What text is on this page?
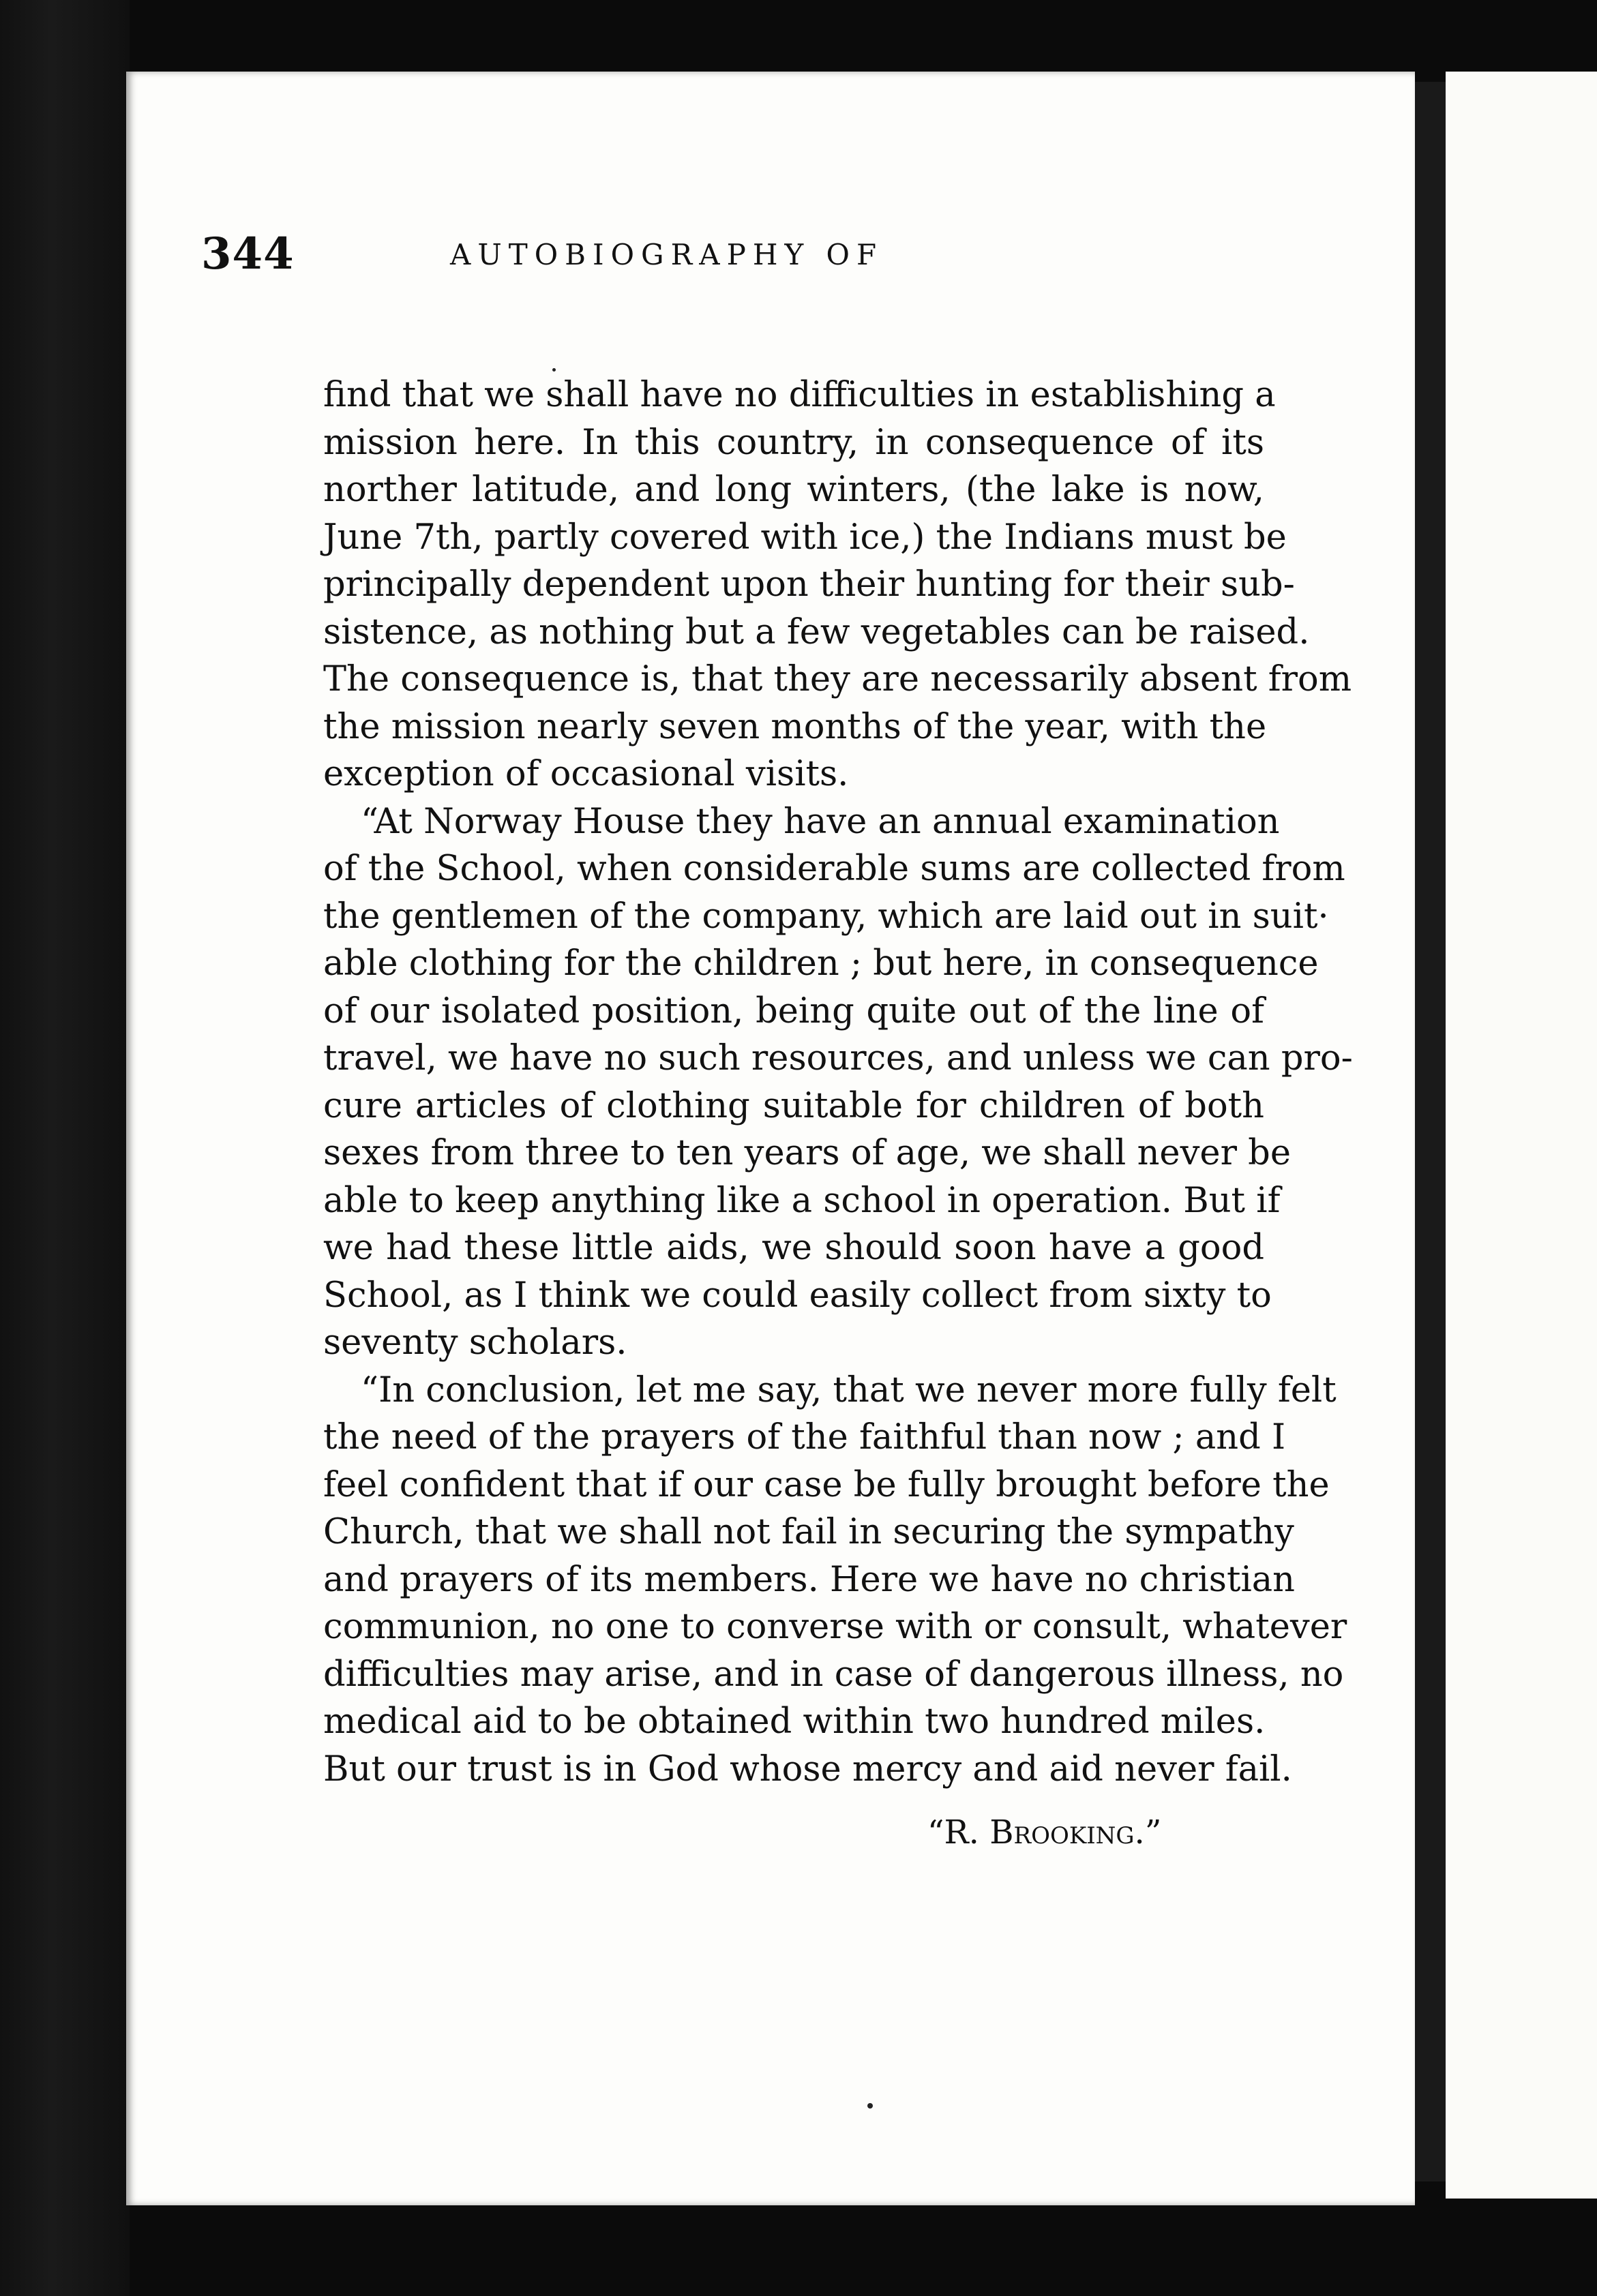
344	AUTOBIOGRAPHY OF
find that we shall have no difficulties in establishing a
mission here. In this country, in consequence of its
norther latitude, and long winters, (the lake is now,
June 7th, partly covered with ice,) the Indians must be
principally dependent upon their hunting for their sub-
sistence, as nothing but a few vegetables can be raised.
The consequence is, that they are necessarily absent from
the mission nearly seven months of the year, with the
exception of occasional visits.
“At Norway House they have an annual examination
of the School, when considerable sums are collected from
the gentlemen of the company, which are laid out in suit·
able clothing for the children ; but here, in consequence
of our isolated position, being quite out of the line of
travel, we have no such resources, and unless we can pro-
cure articles of clothing suitable for children of both
sexes from three to ten years of age, we shall never be
able to keep anything like a school in operation. But if
we had these little aids, we should soon have a good
School, as I think we could easily collect from sixty to
seventy scholars.
“In conclusion, let me say, that we never more fully felt
the need of the prayers of the faithful than now ; and I
feel confident that if our case be fully brought before the
Church, that we shall not fail in securing the sympathy
and prayers of its members. Here we have no christian
communion, no one to converse with or consult, whatever
difficulties may arise, and in case of dangerous illness, no
medical aid to be obtained within two hundred miles.
But our trust is in God whose mercy and aid never fail.
“R. Brooking.”
